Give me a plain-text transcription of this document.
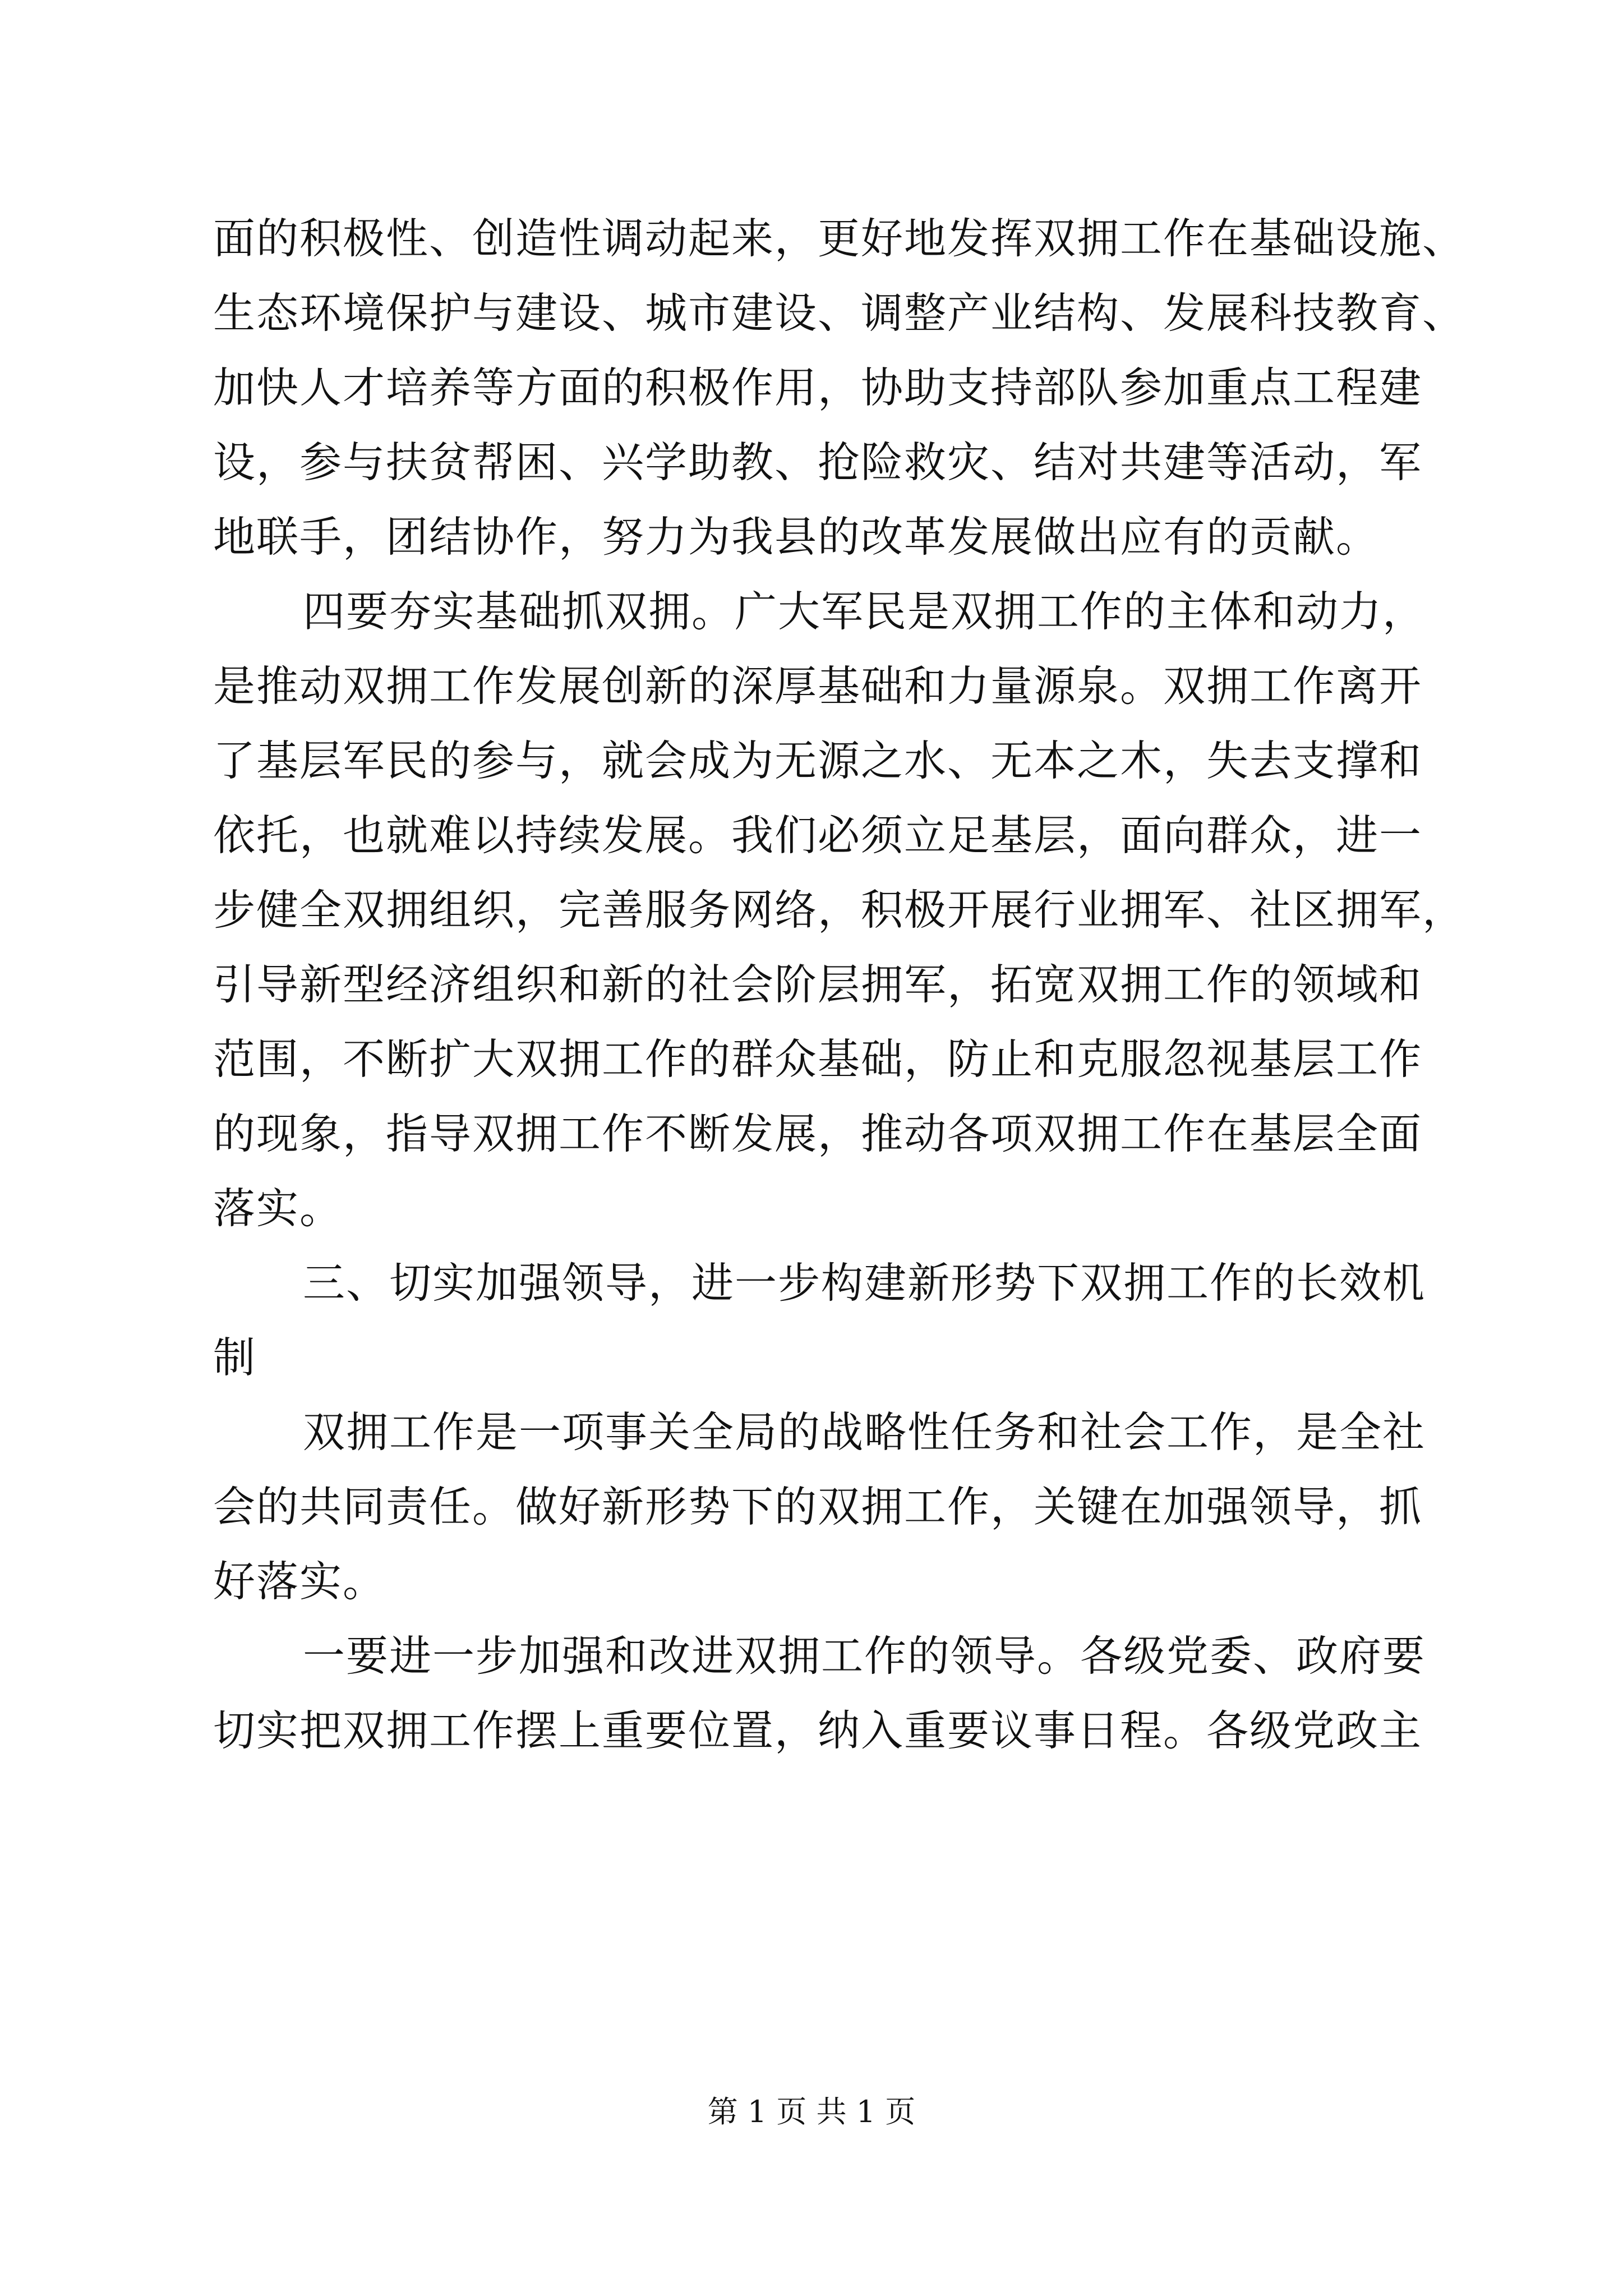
面的积极性、创造性调动起来，更好地发挥双拥工作在基础设施、
生态环境保护与建设、城市建设、调整产业结构、发展科技教育、
加快人才培养等方面的积极作用，协助支持部队参加重点工程建
设，参与扶贫帮困、兴学助教、抢险救灾、结对共建等活动，军
地联手，团结协作，努力为我县的改革发展做出应有的贡献。
四要夯实基础抓双拥。广大军民是双拥工作的主体和动力，
是推动双拥工作发展创新的深厚基础和力量源泉。双拥工作离开
了基层军民的参与，就会成为无源之水、无本之木，失去支撑和
依托，也就难以持续发展。我们必须立足基层，面向群众，进一
步健全双拥组织，完善服务网络，积极开展行业拥军、社区拥军，
引导新型经济组织和新的社会阶层拥军，拓宽双拥工作的领域和
范围，不断扩大双拥工作的群众基础，防止和克服忽视基层工作
的现象，指导双拥工作不断发展，推动各项双拥工作在基层全面
落实。
三、切实加强领导，进一步构建新形势下双拥工作的长效机
制
双拥工作是一项事关全局的战略性任务和社会工作，是全社
会的共同责任。做好新形势下的双拥工作，关键在加强领导，抓
好落实。
一要进一步加强和改进双拥工作的领导。各级党委、政府要
切实把双拥工作摆上重要位置，纳入重要议事日程。各级党政主
第 1 页 共 1 页
